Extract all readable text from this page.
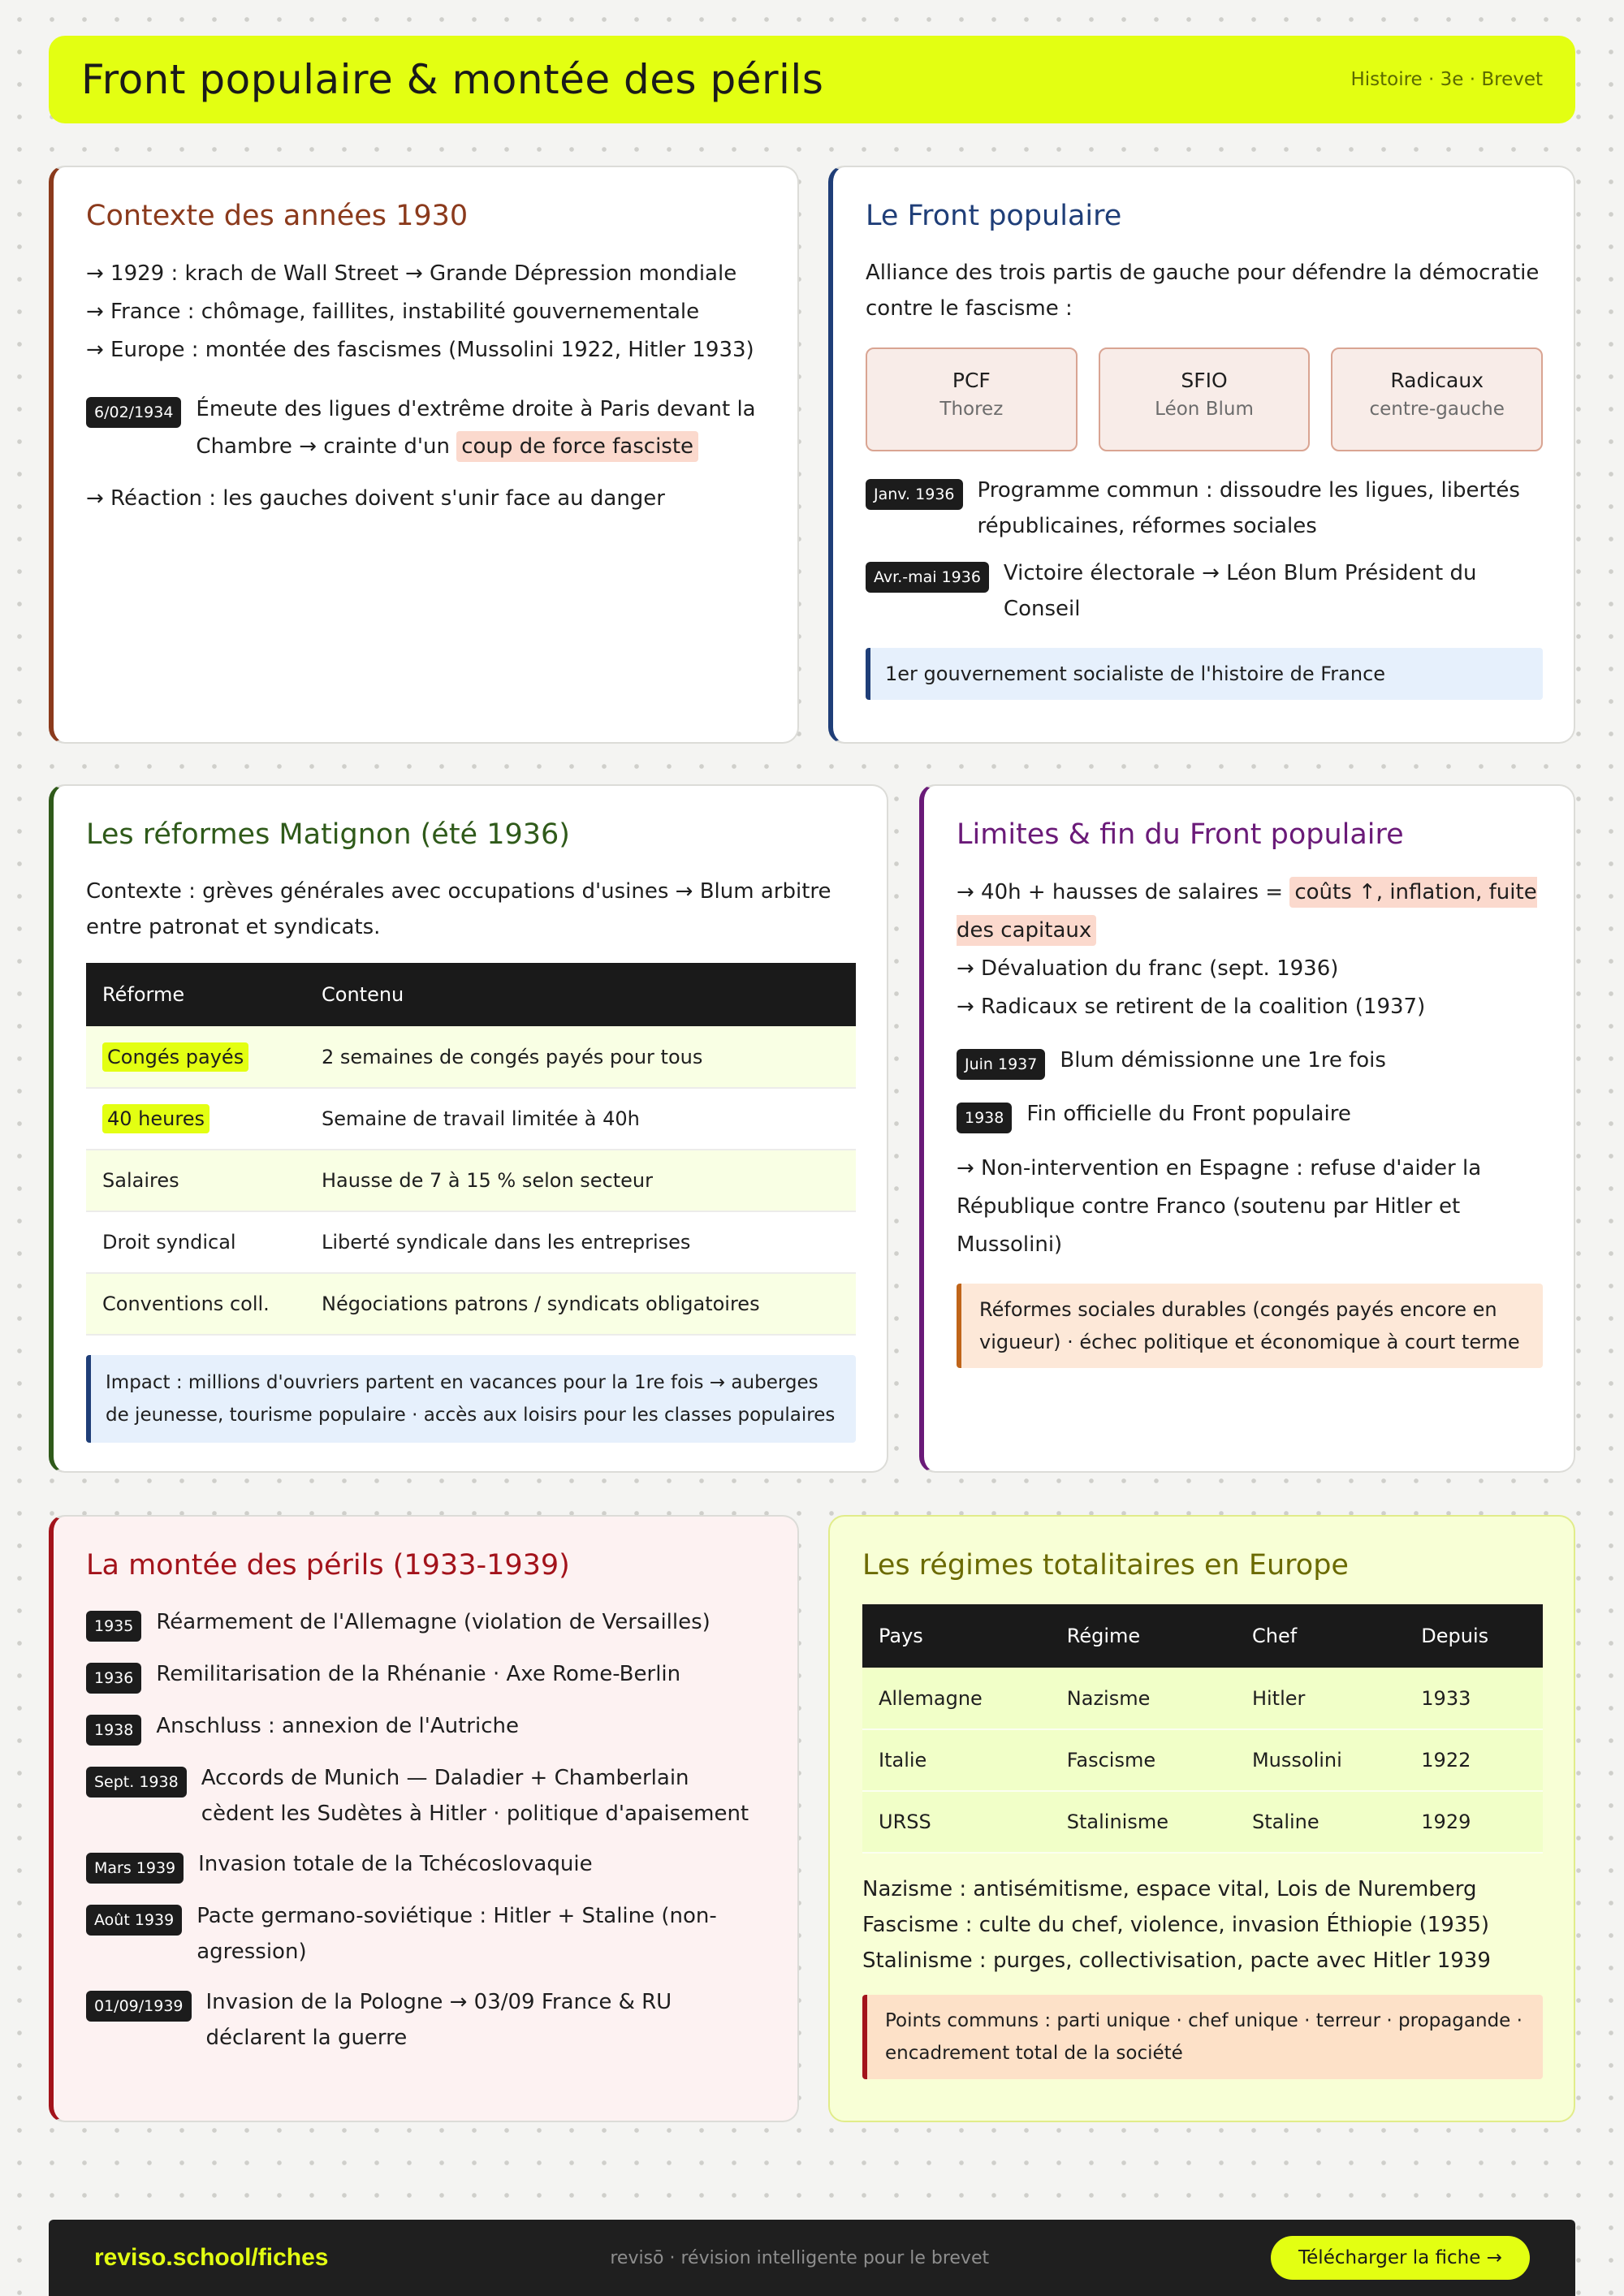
Front populaire & montée des périls	Histoire · 3e · Brevet
Contexte des années 1930
→ 1929 : krach de Wall Street → Grande Dépression mondiale
→ France : chômage, faillites, instabilité gouvernementale
→ Europe : montée des fascismes (Mussolini 1922, Hitler 1933)
6/02/1934	Émeute des ligues d'extrême droite à Paris devant la Chambre → crainte d'un coup de force fasciste
→ Réaction : les gauches doivent s'unir face au danger
Le Front populaire
Alliance des trois partis de gauche pour défendre la démocratie contre le fascisme :
PCF
Thorez
SFIO
Léon Blum
Radicaux
centre-gauche
Janv. 1936	Programme commun : dissoudre les ligues, libertés républicaines, réformes sociales
Avr.-mai 1936	Victoire électorale → Léon Blum Président du Conseil
1er gouvernement socialiste de l'histoire de France
Les réformes Matignon (été 1936)
Contexte : grèves générales avec occupations d'usines → Blum arbitre entre patronat et syndicats.
Réforme	Contenu
Congés payés	2 semaines de congés payés pour tous
40 heures	Semaine de travail limitée à 40h
Salaires	Hausse de 7 à 15 % selon secteur
Droit syndical	Liberté syndicale dans les entreprises
Conventions coll.	Négociations patrons / syndicats obligatoires
Impact : millions d'ouvriers partent en vacances pour la 1re fois → auberges de jeunesse, tourisme populaire · accès aux loisirs pour les classes populaires
Limites & fin du Front populaire
→ 40h + hausses de salaires = coûts ↑, inflation, fuite des capitaux
→ Dévaluation du franc (sept. 1936)
→ Radicaux se retirent de la coalition (1937)
Juin 1937	Blum démissionne une 1re fois
1938	Fin officielle du Front populaire
→ Non-intervention en Espagne : refuse d'aider la République contre Franco (soutenu par Hitler et Mussolini)
Réformes sociales durables (congés payés encore en vigueur) · échec politique et économique à court terme
La montée des périls (1933-1939)
1935	Réarmement de l'Allemagne (violation de Versailles)
1936	Remilitarisation de la Rhénanie · Axe Rome-Berlin
1938	Anschluss : annexion de l'Autriche
Sept. 1938	Accords de Munich — Daladier + Chamberlain cèdent les Sudètes à Hitler · politique d'apaisement
Mars 1939	Invasion totale de la Tchécoslovaquie
Août 1939	Pacte germano-soviétique : Hitler + Staline (non-agression)
01/09/1939	Invasion de la Pologne → 03/09 France & RU déclarent la guerre
Les régimes totalitaires en Europe
Pays	Régime	Chef	Depuis
Allemagne	Nazisme	Hitler	1933
Italie	Fascisme	Mussolini	1922
URSS	Stalinisme	Staline	1929
Nazisme : antisémitisme, espace vital, Lois de Nuremberg
Fascisme : culte du chef, violence, invasion Éthiopie (1935)
Stalinisme : purges, collectivisation, pacte avec Hitler 1939
Points communs : parti unique · chef unique · terreur · propagande · encadrement total de la société
reviso.school/fiches	revisō · révision intelligente pour le brevet	Télécharger la fiche →
